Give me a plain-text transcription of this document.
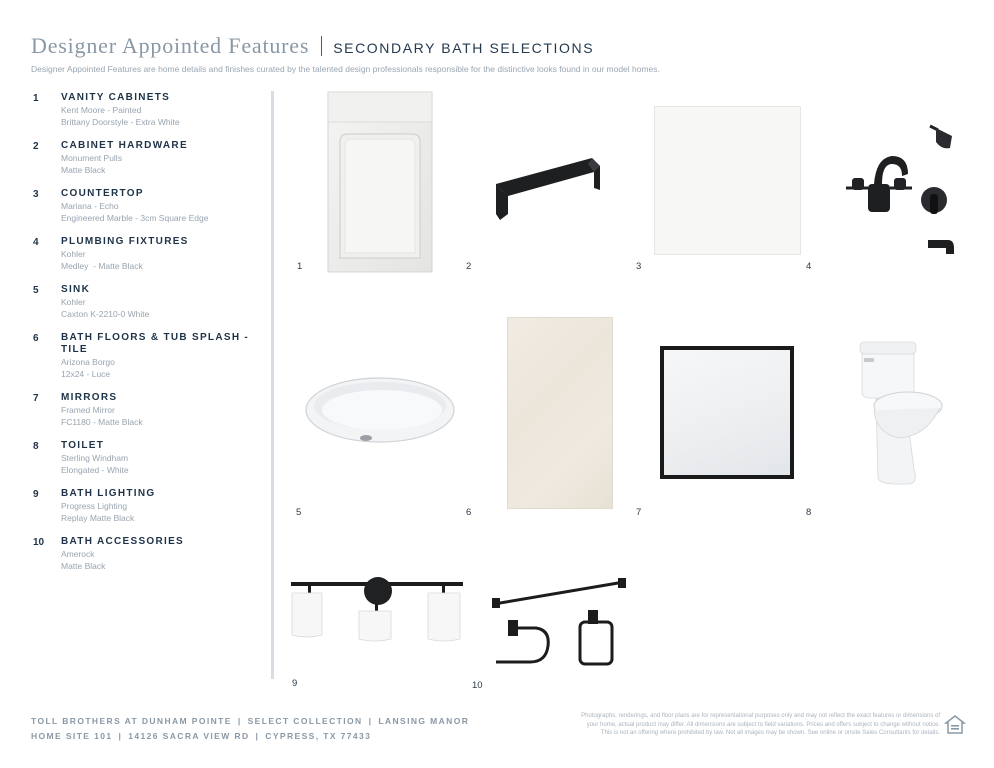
Designer Appointed Features SECONDARY BATH SELECTIONS
Designer Appointed Features are home details and finishes curated by the talented design professionals responsible for the distinctive looks found in our model homes.
1 VANITY CABINETS
Kent Moore - Painted
Brittany Doorstyle - Extra White
2 CABINET HARDWARE
Monument Pulls
Matte Black
3 COUNTERTOP
Mariana - Echo
Engineered Marble - 3cm Square Edge
4 PLUMBING FIXTURES
Kohler
Medley  - Matte Black
5 SINK
Kohler
Caxton K-2210-0 White
6 BATH FLOORS & TUB SPLASH - TILE
Arizona Borgo
12x24 - Luce
7 MIRRORS
Framed Mirror
FC1180 - Matte Black
8 TOILET
Sterling Windham
Elongated - White
9 BATH LIGHTING
Progress Lighting
Replay Matte Black
10 BATH ACCESSORIES
Amerock
Matte Black
1	2	3	4
5	6	7	8
9	10
TOLL BROTHERS AT DUNHAM POINTE | SELECT COLLECTION | LANSING MANOR
HOME SITE 101 | 14126 SACRA VIEW RD | CYPRESS, TX 77433
Photographs, renderings, and floor plans are for representational purposes only and may not reflect the exact features or dimensions of
your home, actual product may differ. All dimensions are subject to field variations. Prices and offers subject to change without notice.
This is not an offering where prohibited by law. Not all images may be shown. See online or onsite Sales Consultants for details.
